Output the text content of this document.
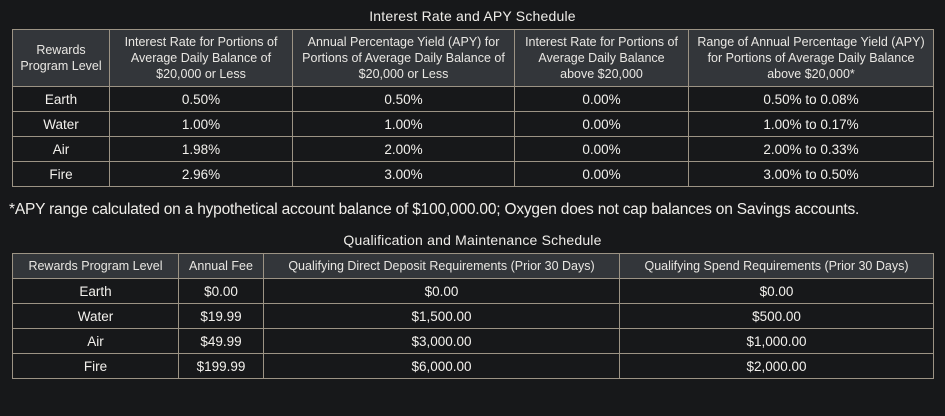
Interest Rate and APY Schedule
Rewards Program Level	Interest Rate for Portions of Average Daily Balance of $20,000 or Less	Annual Percentage Yield (APY) for Portions of Average Daily Balance of $20,000 or Less	Interest Rate for Portions of Average Daily Balance above $20,000	Range of Annual Percentage Yield (APY) for Portions of Average Daily Balance above $20,000*
Earth	0.50%	0.50%	0.00%	0.50% to 0.08%
Water	1.00%	1.00%	0.00%	1.00% to 0.17%
Air	1.98%	2.00%	0.00%	2.00% to 0.33%
Fire	2.96%	3.00%	0.00%	3.00% to 0.50%
*APY range calculated on a hypothetical account balance of $100,000.00; Oxygen does not cap balances on Savings accounts.
Qualification and Maintenance Schedule
Rewards Program Level	Annual Fee	Qualifying Direct Deposit Requirements (Prior 30 Days)	Qualifying Spend Requirements (Prior 30 Days)
Earth	$0.00	$0.00	$0.00
Water	$19.99	$1,500.00	$500.00
Air	$49.99	$3,000.00	$1,000.00
Fire	$199.99	$6,000.00	$2,000.00
